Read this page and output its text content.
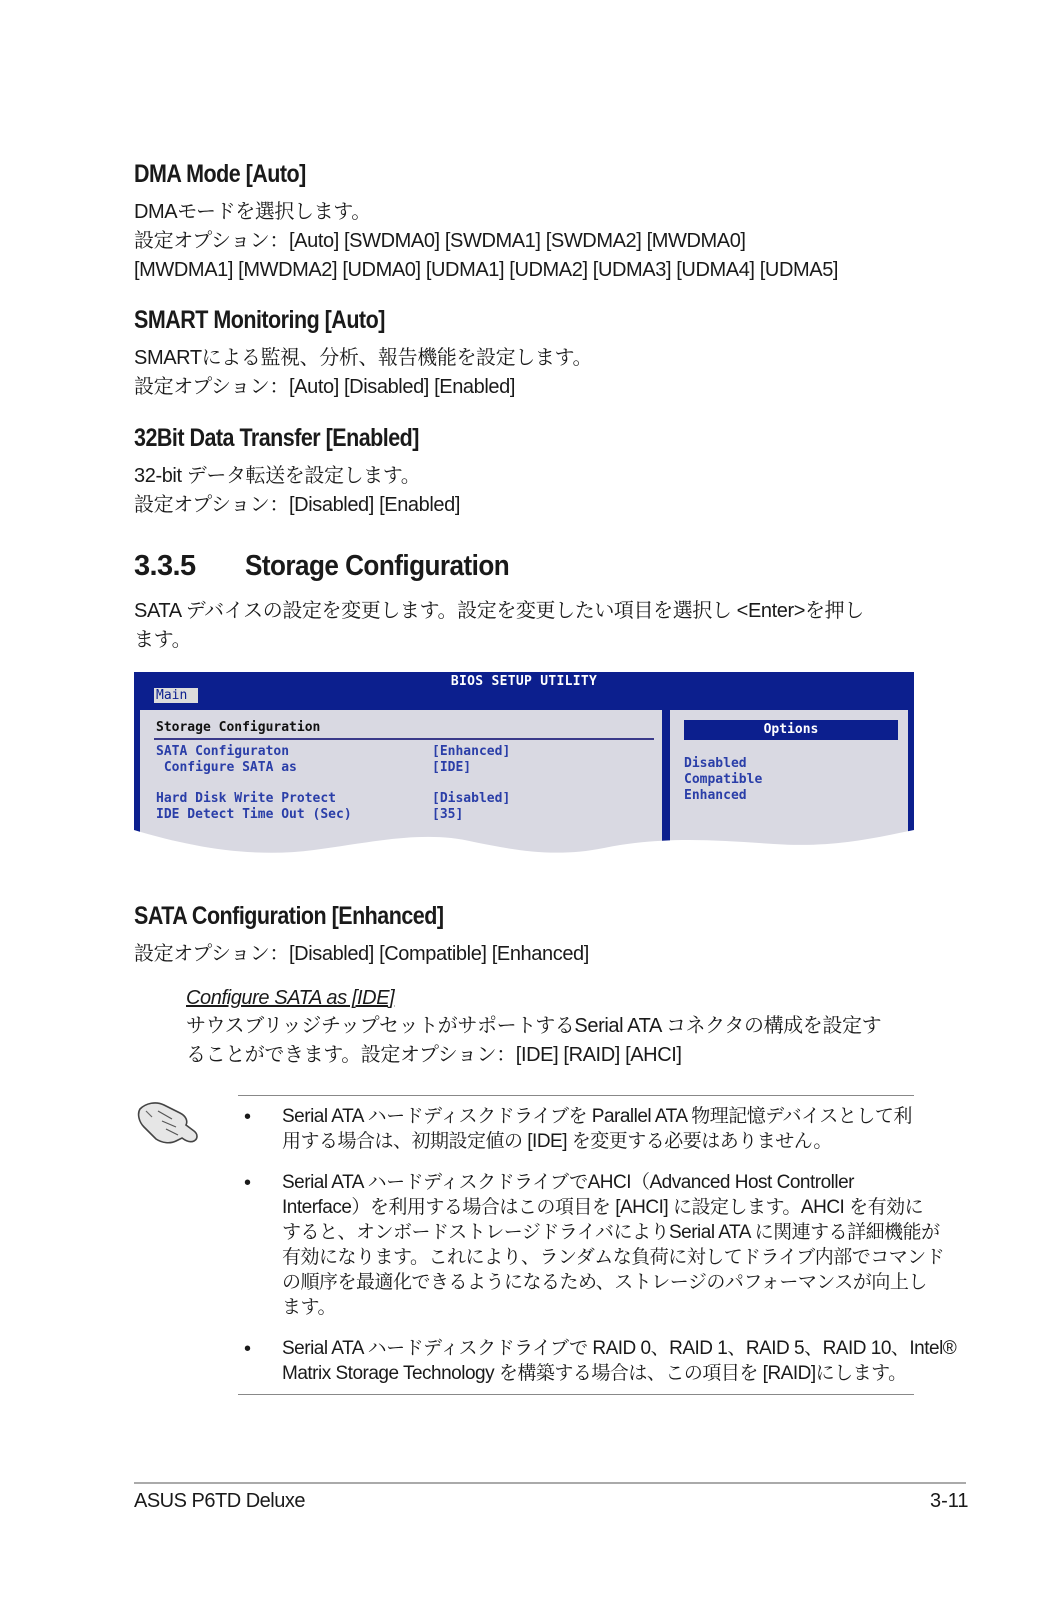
DMA Mode [Auto]
DMAモードを選択します。
設定オプション：[Auto] [SWDMA0] [SWDMA1] [SWDMA2] [MWDMA0]
[MWDMA1] [MWDMA2] [UDMA0] [UDMA1] [UDMA2] [UDMA3] [UDMA4] [UDMA5]
SMART Monitoring [Auto]
SMARTによる監視、分析、報告機能を設定します。
設定オプション：[Auto] [Disabled] [Enabled]
32Bit Data Transfer [Enabled]
32-bit データ転送を設定します。
設定オプション：[Disabled] [Enabled]
3.3.5 Storage Configuration
SATA デバイスの設定を変更します。設定を変更したい項目を選択し <Enter>を押し
ます。
BIOS SETUP UTILITY
Main
Storage Configuration
SATA Configuraton	[Enhanced]
Configure SATA as	[IDE]
Hard Disk Write Protect	[Disabled]
IDE Detect Time Out (Sec)	[35]
Options
Disabled
Compatible
Enhanced
SATA Configuration [Enhanced]
設定オプション：[Disabled] [Compatible] [Enhanced]
Configure SATA as [IDE]
サウスブリッジチップセットがサポートするSerial ATA コネクタの構成を設定す
ることができます。設定オプション：[IDE] [RAID] [AHCI]
• Serial ATA ハードディスクドライブを Parallel ATA 物理記憶デバイスとして利
用する場合は、初期設定値の [IDE] を変更する必要はありません。
• Serial ATA ハードディスクドライブでAHCI（Advanced Host Controller
Interface）を利用する場合はこの項目を [AHCI] に設定します。AHCI を有効に
すると、オンボードストレージドライバによりSerial ATA に関連する詳細機能が
有効になります。これにより、ランダムな負荷に対してドライブ内部でコマンド
の順序を最適化できるようになるため、ストレージのパフォーマンスが向上し
ます。
• Serial ATA ハードディスクドライブで RAID 0、RAID 1、RAID 5、RAID 10、Intel®
Matrix Storage Technology を構築する場合は、この項目を [RAID]にします。
ASUS P6TD Deluxe	3-11
